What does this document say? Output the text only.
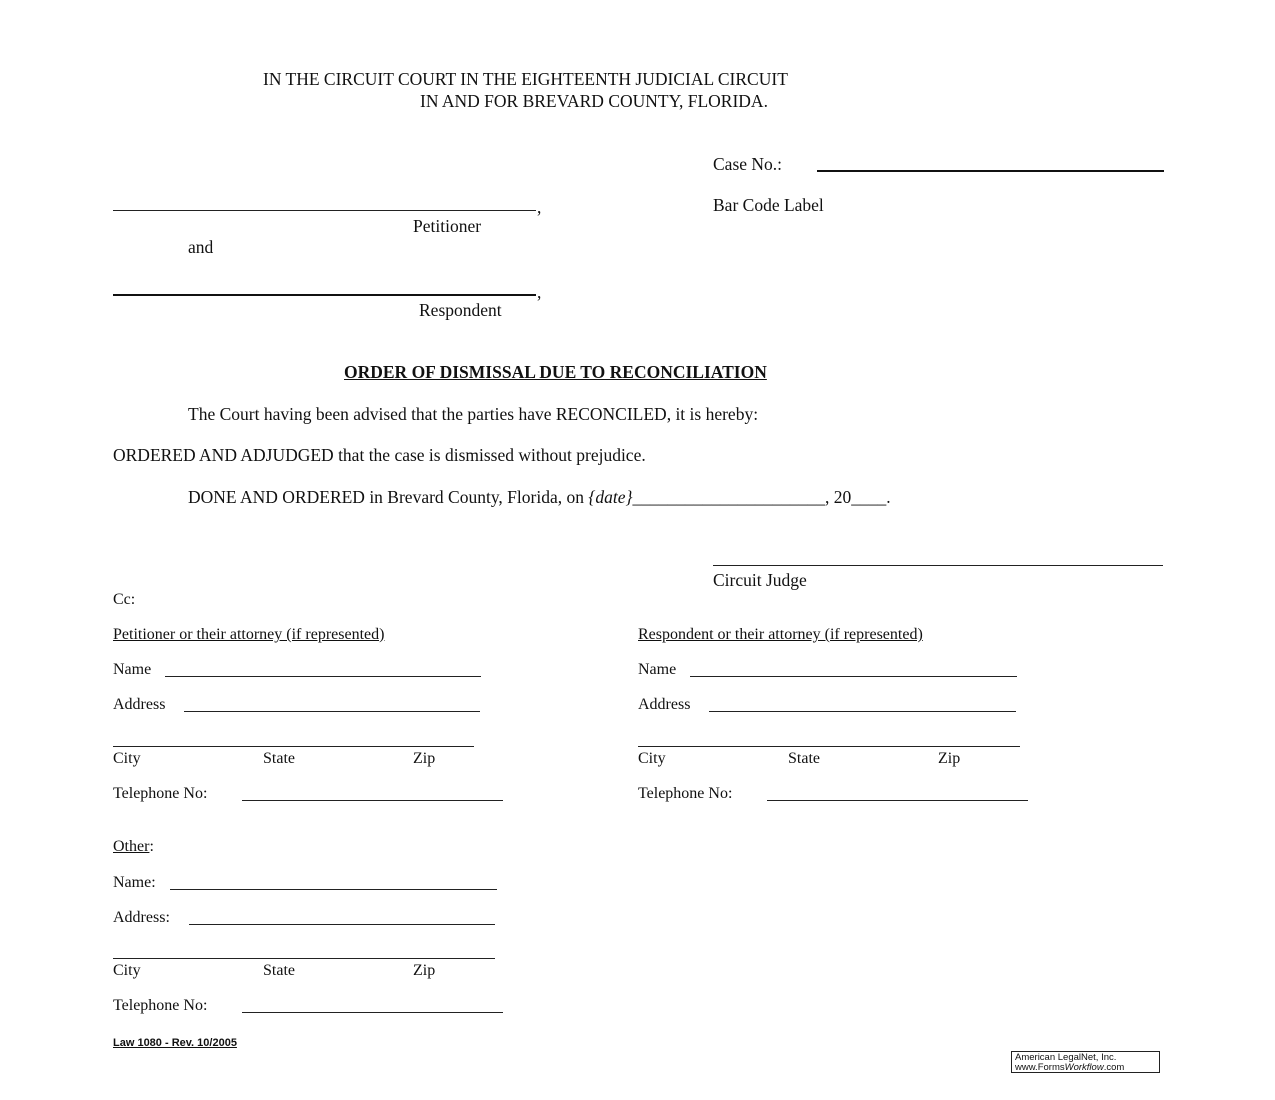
IN THE CIRCUIT COURT IN THE EIGHTEENTH JUDICIAL CIRCUIT
IN AND FOR BREVARD COUNTY, FLORIDA.
Case No.:
Bar Code Label
,
Petitioner
and
,
Respondent
ORDER OF DISMISSAL DUE TO RECONCILIATION
The Court having been advised that the parties have RECONCILED, it is hereby:
ORDERED AND ADJUDGED that the case is dismissed without prejudice.
DONE AND ORDERED in Brevard County, Florida, on {date}______________________, 20____.
Circuit Judge
Cc:
Petitioner or their attorney (if represented)
Name
Address
City	State	Zip
Telephone No:
Respondent or their attorney (if represented)
Name
Address
City	State	Zip
Telephone No:
Other:
Name:
Address:
City	State	Zip
Telephone No:
Law 1080 - Rev. 10/2005
American LegalNet, Inc.
www.FormsWorkflow.com
